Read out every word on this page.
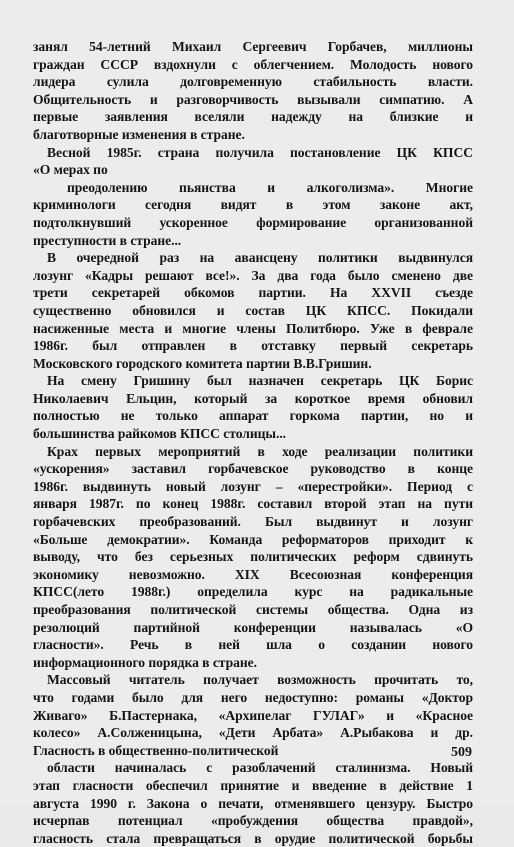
занял 54-летний Михаил Сергеевич Горбачев, миллионы
граждан СССР вздохнули с облегчением. Молодость нового
лидера сулила долговременную стабильность власти.
Общительность и разговорчивость вызывали симпатию. А
первые заявления вселяли надежду на близкие и
благотворные изменения в стране.
Весной 1985г. страна получила постановление ЦК КПСС
«О мерах по
преодолению пьянства и алкоголизма». Многие
криминологи сегодня видят в этом законе акт,
подтолкнувший ускоренное формирование организованной
преступности в стране...
В очередной раз на авансцену политики выдвинулся
лозунг «Кадры решают все!». За два года было сменено две
трети секретарей обкомов партии. На XXVII съезде
существенно обновился и состав ЦК КПСС. Покидали
насиженные места и многие члены Политбюро. Уже в феврале
1986г. был отправлен в отставку первый секретарь
Московского городского комитета партии В.В.Гришин.
На смену Гришину был назначен секретарь ЦК Борис
Николаевич Ельцин, который за короткое время обновил
полностью не только аппарат горкома партии, но и
большинства райкомов КПСС столицы...
Крах первых мероприятий в ходе реализации политики
«ускорения» заставил горбачевское руководство в конце
1986г. выдвинуть новый лозунг – «перестройки». Период с
января 1987г. по конец 1988г. составил второй этап на пути
горбачевских преобразований. Был выдвинут и лозунг
«Больше демократии». Команда реформаторов приходит к
выводу, что без серьезных политических реформ сдвинуть
экономику невозможно. XIX Всесоюзная конференция
КПСС(лето 1988г.) определила курс на радикальные
преобразования политической системы общества. Одна из
резолюций партийной конференции называлась «О
гласности». Речь в ней шла о создании нового
информационного порядка в стране.
Массовый читатель получает возможность прочитать то,
что годами было для него недоступно: романы «Доктор
Живаго» Б.Пастернака, «Архипелаг ГУЛАГ» и «Красное
колесо» А.Солженицына, «Дети Арбата» А.Рыбакова и др.
Гласность в общественно-политической
области начиналась с разоблачений сталинизма. Новый
этап гласности обеспечил принятие и введение в действие 1
августа 1990 г. Закона о печати, отменявшего цензуру. Быстро
исчерпав потенциал «пробуждения общества правдой»,
гласность стала превращаться в орудие политической борьбы
509
